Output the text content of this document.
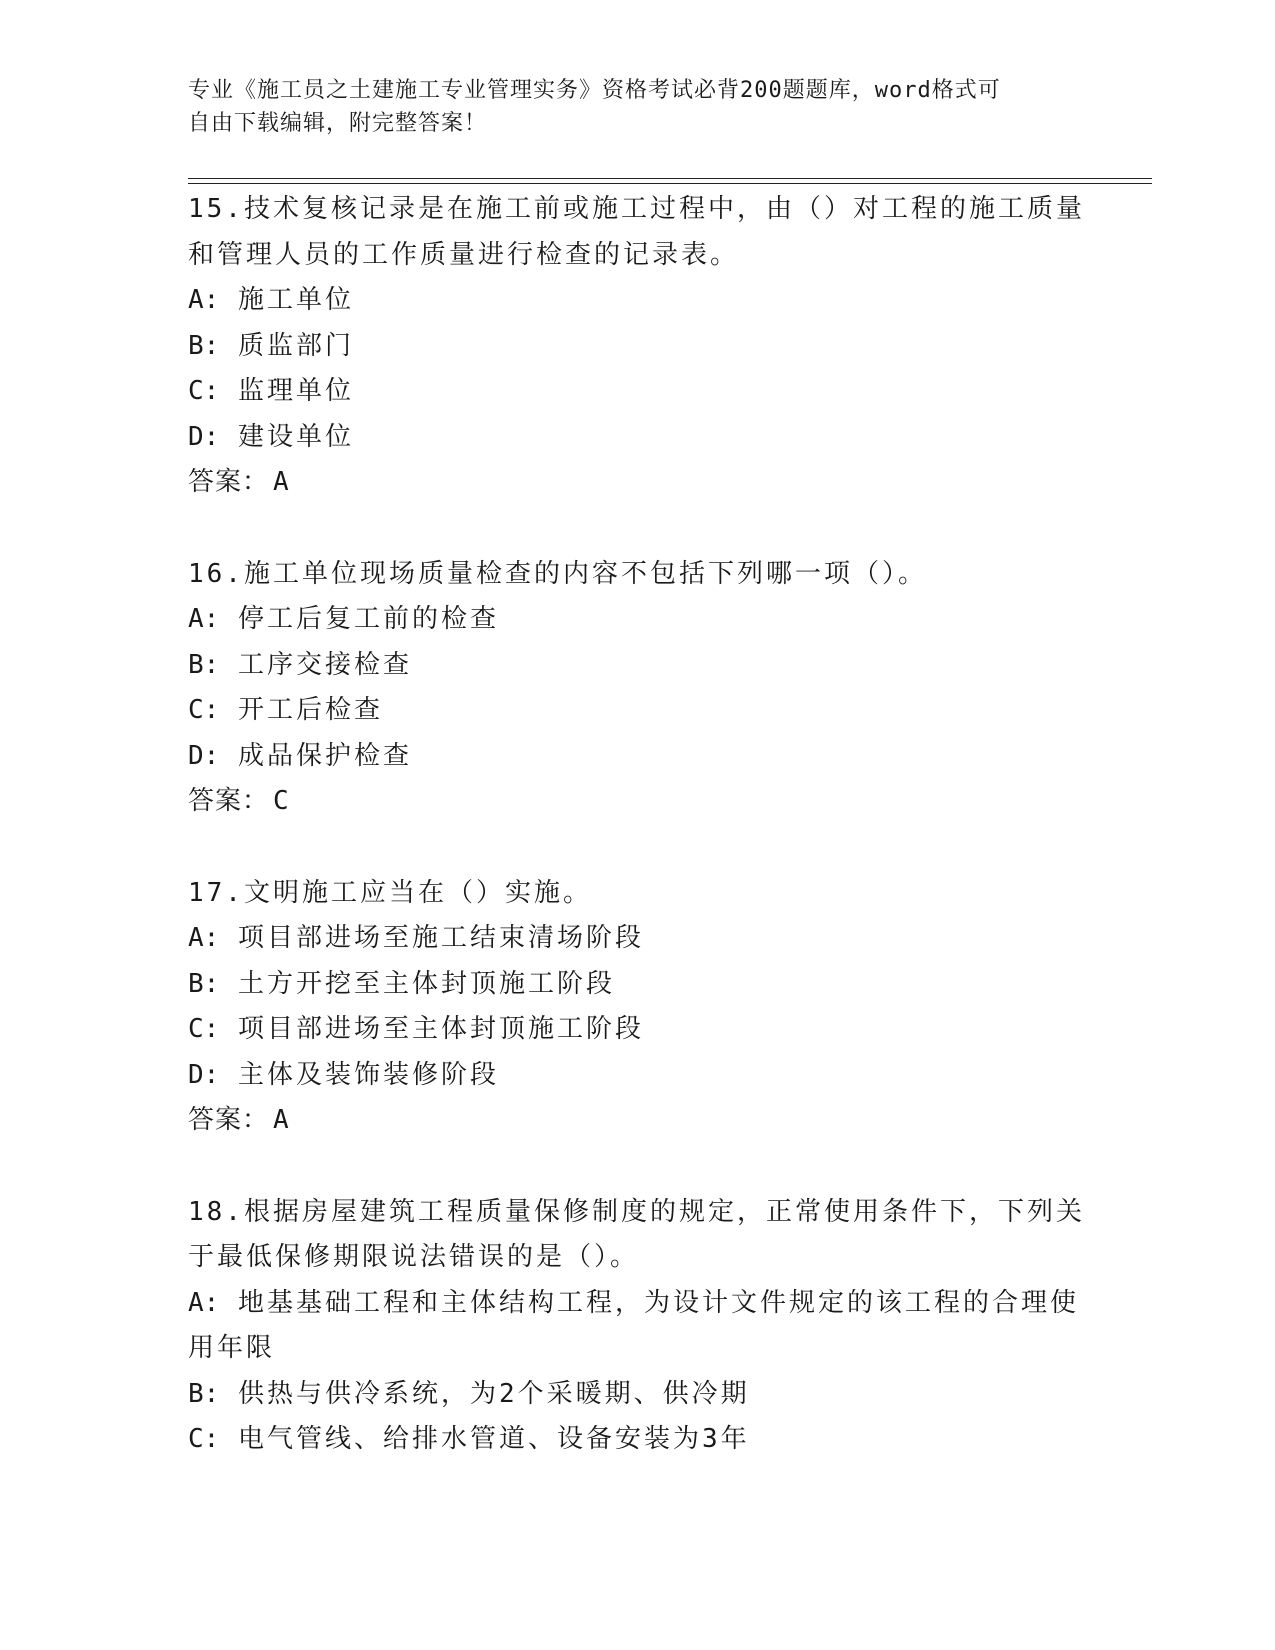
专业《施工员之土建施工专业管理实务》资格考试必背200题题库，word格式可
自由下载编辑，附完整答案！
15.技术复核记录是在施工前或施工过程中，由（）对工程的施工质量
和管理人员的工作质量进行检查的记录表。
A: 施工单位
B: 质监部门
C: 监理单位
D: 建设单位
答案： A
16.施工单位现场质量检查的内容不包括下列哪一项（）。
A: 停工后复工前的检查
B: 工序交接检查
C: 开工后检查
D: 成品保护检查
答案： C
17.文明施工应当在（）实施。
A: 项目部进场至施工结束清场阶段
B: 土方开挖至主体封顶施工阶段
C: 项目部进场至主体封顶施工阶段
D: 主体及装饰装修阶段
答案： A
18.根据房屋建筑工程质量保修制度的规定，正常使用条件下，下列关
于最低保修期限说法错误的是（）。
A: 地基基础工程和主体结构工程，为设计文件规定的该工程的合理使
用年限
B: 供热与供冷系统，为2个采暖期、供冷期
C: 电气管线、给排水管道、设备安装为3年
